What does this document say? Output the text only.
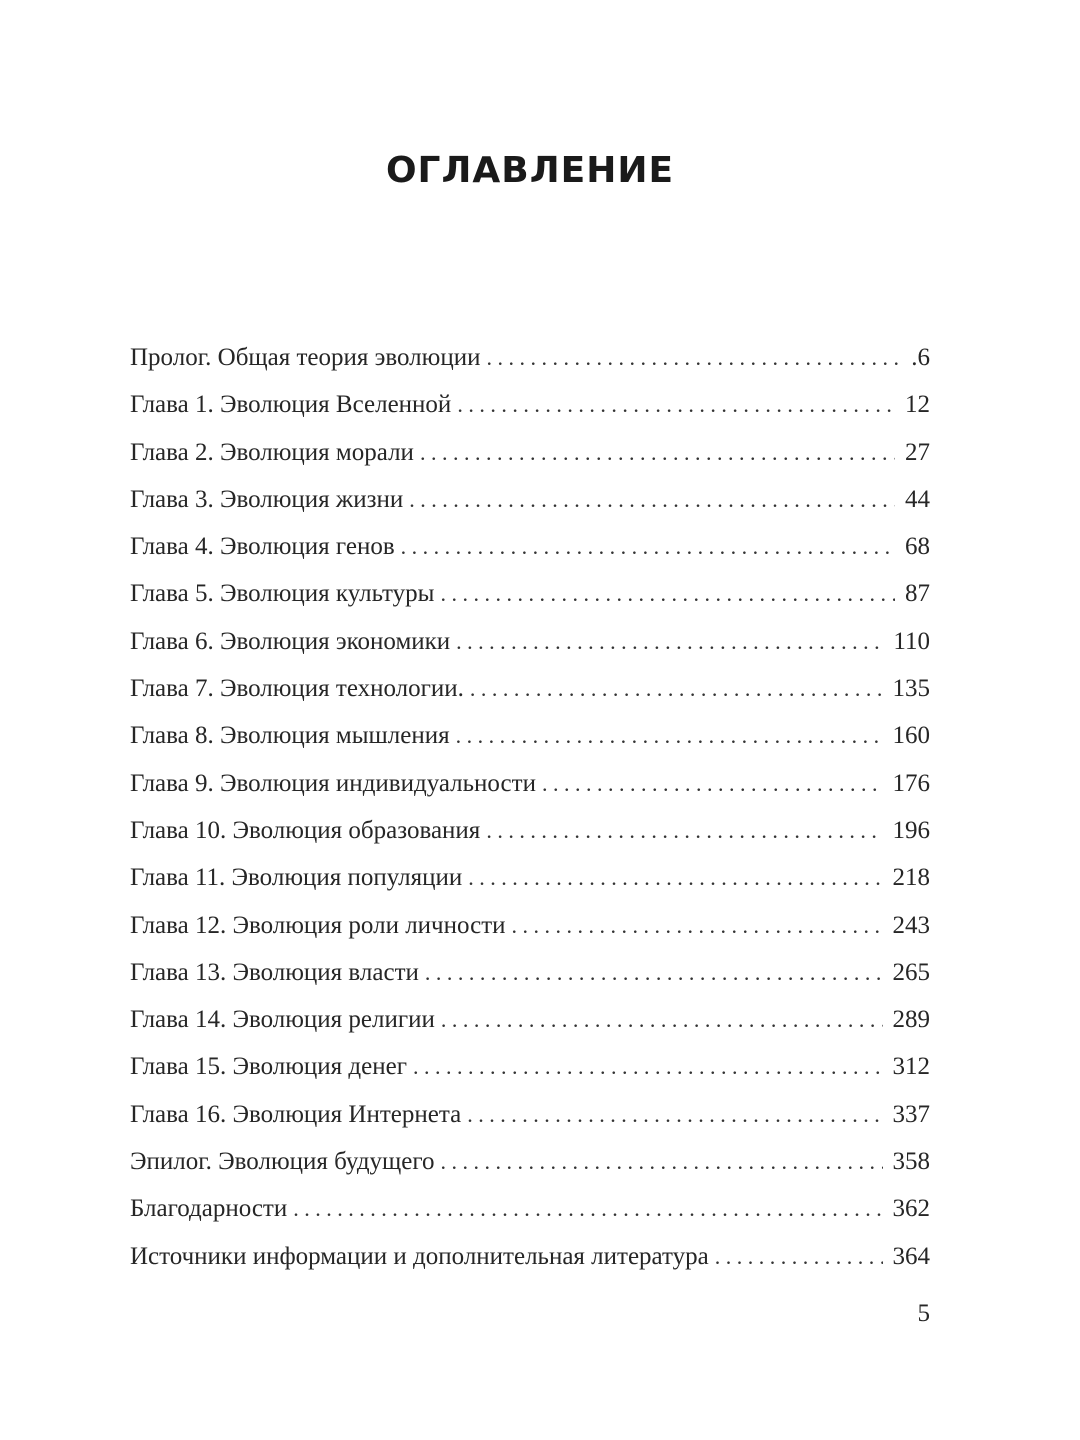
ОГЛАВЛЕНИЕ
Пролог. Общая теория эволюции . . .	.6
Глава 1. Эволюция Вселенной . . .	12
Глава 2. Эволюция морали . . .	27
Глава 3. Эволюция жизни . . .	44
Глава 4. Эволюция генов . . .	68
Глава 5. Эволюция культуры . . .	87
Глава 6. Эволюция экономики . . .	110
Глава 7. Эволюция технологии. . . .	135
Глава 8. Эволюция мышления . . .	160
Глава 9. Эволюция индивидуальности . . .	176
Глава 10. Эволюция образования . . .	196
Глава 11. Эволюция популяции . . .	218
Глава 12. Эволюция роли личности . . .	243
Глава 13. Эволюция власти . . .	265
Глава 14. Эволюция религии . . .	289
Глава 15. Эволюция денег . . .	312
Глава 16. Эволюция Интернета . . .	337
Эпилог. Эволюция будущего . . .	358
Благодарности . . .	362
Источники информации и дополнительная литература . . .	364
5
